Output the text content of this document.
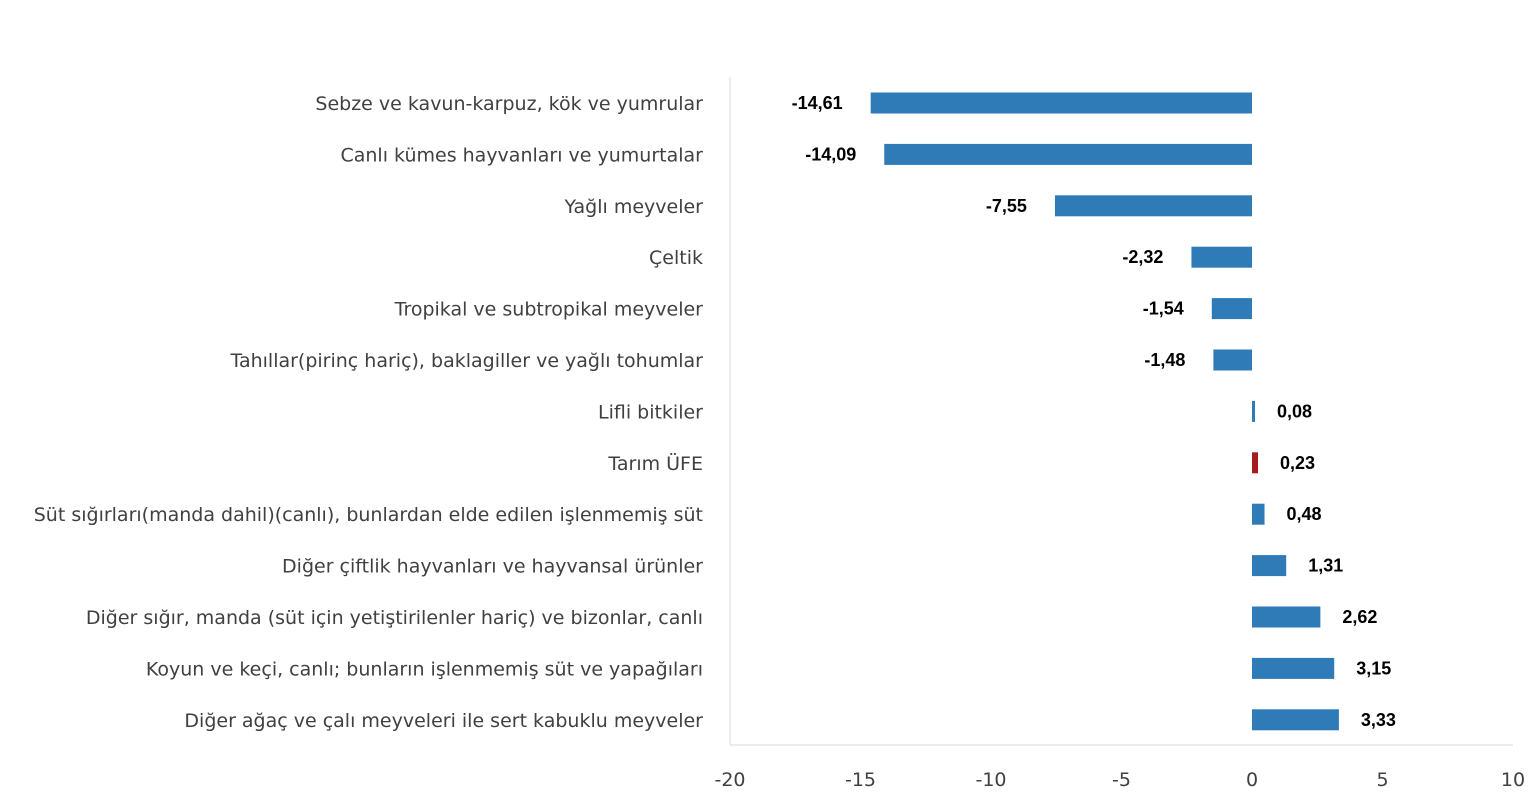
-20	-15	-10	-5	0	5	10
Sebze ve kavun-karpuz, kök ve yumrular	-14,61
Canlı kümes hayvanları ve yumurtalar	-14,09
Yağlı meyveler	-7,55
Çeltik	-2,32
Tropikal ve subtropikal meyveler	-1,54
Tahıllar(pirinç hariç), baklagiller ve yağlı tohumlar	-1,48
Lifli bitkiler	0,08
Tarım ÜFE	0,23
Süt sığırları(manda dahil)(canlı), bunlardan elde edilen işlenmemiş süt	0,48
Diğer çiftlik hayvanları ve hayvansal ürünler	1,31
Diğer sığır, manda (süt için yetiştirilenler hariç) ve bizonlar, canlı	2,62
Koyun ve keçi, canlı; bunların işlenmemiş süt ve yapağıları	3,15
Diğer ağaç ve çalı meyveleri ile sert kabuklu meyveler	3,33
